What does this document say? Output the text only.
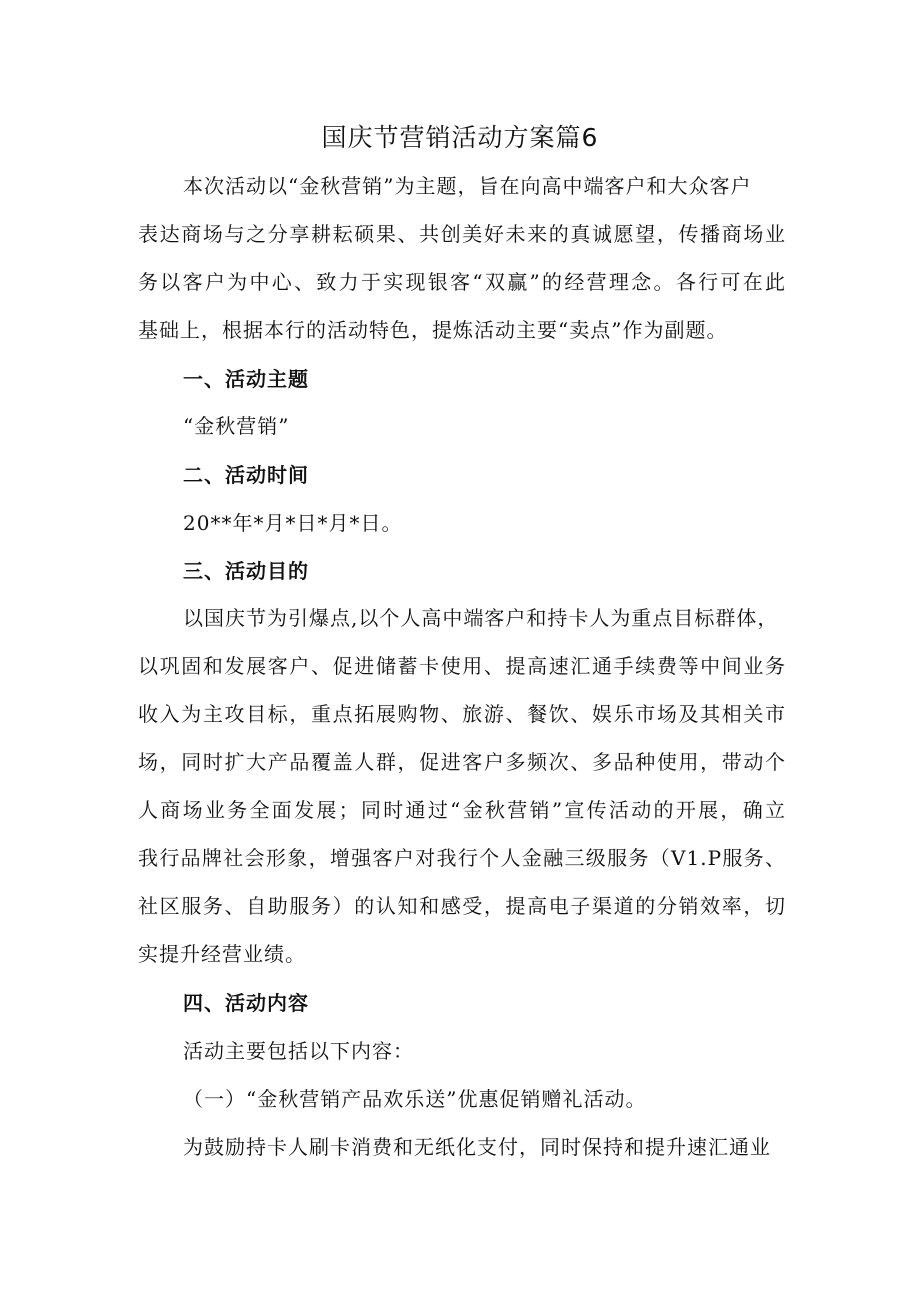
国庆节营销活动方案篇6
本次活动以“金秋营销”为主题，旨在向高中端客户和大众客户
表达商场与之分享耕耘硕果、共创美好未来的真诚愿望，传播商场业
务以客户为中心、致力于实现银客“双赢”的经营理念。各行可在此
基础上，根据本行的活动特色，提炼活动主要“卖点”作为副题。
一、活动主题
“金秋营销”
二、活动时间
20**年*月*日*月*日。
三、活动目的
以国庆节为引爆点,以个人高中端客户和持卡人为重点目标群体，
以巩固和发展客户、促进储蓄卡使用、提高速汇通手续费等中间业务
收入为主攻目标，重点拓展购物、旅游、餐饮、娱乐市场及其相关市
场，同时扩大产品覆盖人群，促进客户多频次、多品种使用，带动个
人商场业务全面发展；同时通过“金秋营销”宣传活动的开展，确立
我行品牌社会形象，增强客户对我行个人金融三级服务（V1.P服务、
社区服务、自助服务）的认知和感受，提高电子渠道的分销效率，切
实提升经营业绩。
四、活动内容
活动主要包括以下内容：
（一）“金秋营销产品欢乐送”优惠促销赠礼活动。
为鼓励持卡人刷卡消费和无纸化支付，同时保持和提升速汇通业
